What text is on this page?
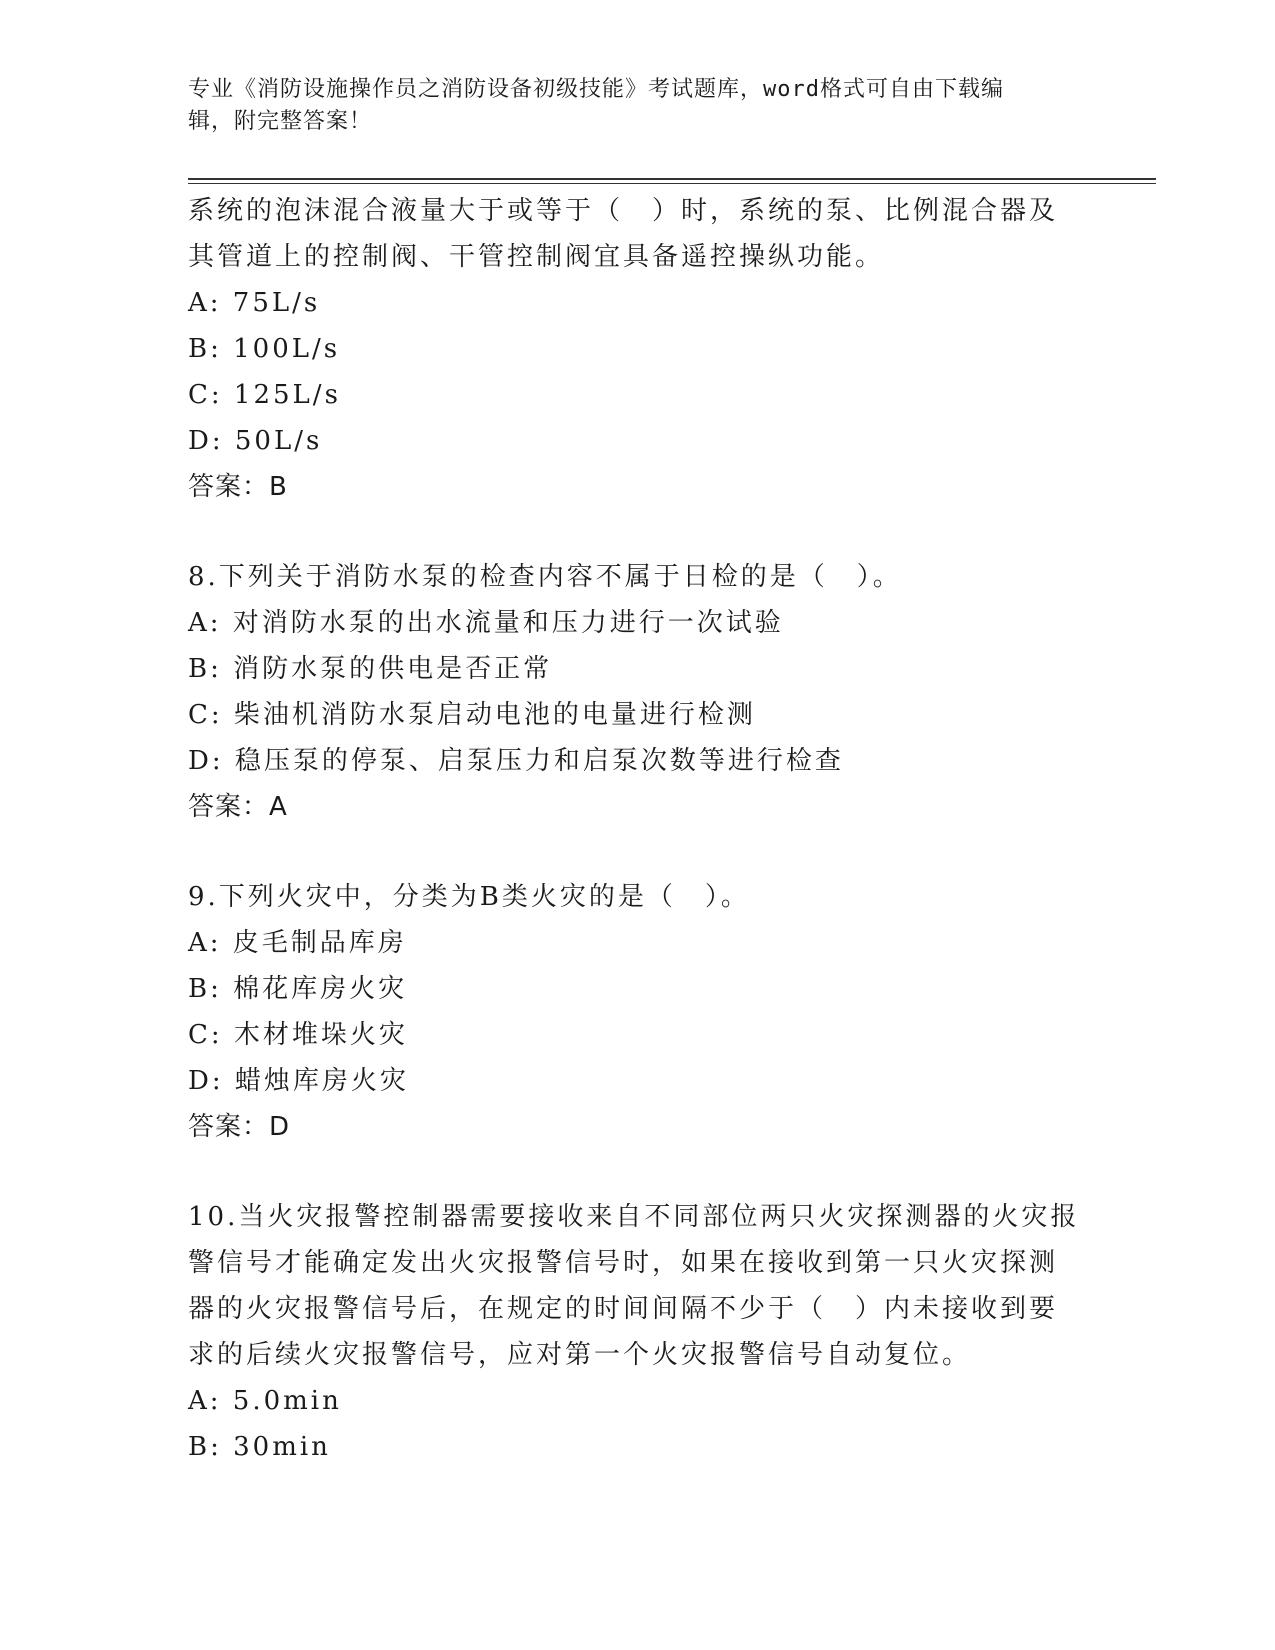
专业《消防设施操作员之消防设备初级技能》考试题库，word格式可自由下载编
辑，附完整答案！
系统的泡沫混合液量大于或等于（　）时，系统的泵、比例混合器及
其管道上的控制阀、干管控制阀宜具备遥控操纵功能。
A: 75L/s
B: 100L/s
C: 125L/s
D: 50L/s
答案：B
8.下列关于消防水泵的检查内容不属于日检的是（　）。
A: 对消防水泵的出水流量和压力进行一次试验
B: 消防水泵的供电是否正常
C: 柴油机消防水泵启动电池的电量进行检测
D: 稳压泵的停泵、启泵压力和启泵次数等进行检查
答案：A
9.下列火灾中，分类为B类火灾的是（　）。
A: 皮毛制品库房
B: 棉花库房火灾
C: 木材堆垛火灾
D: 蜡烛库房火灾
答案：D
10.当火灾报警控制器需要接收来自不同部位两只火灾探测器的火灾报
警信号才能确定发出火灾报警信号时，如果在接收到第一只火灾探测
器的火灾报警信号后，在规定的时间间隔不少于（　）内未接收到要
求的后续火灾报警信号，应对第一个火灾报警信号自动复位。
A: 5.0min
B: 30min
